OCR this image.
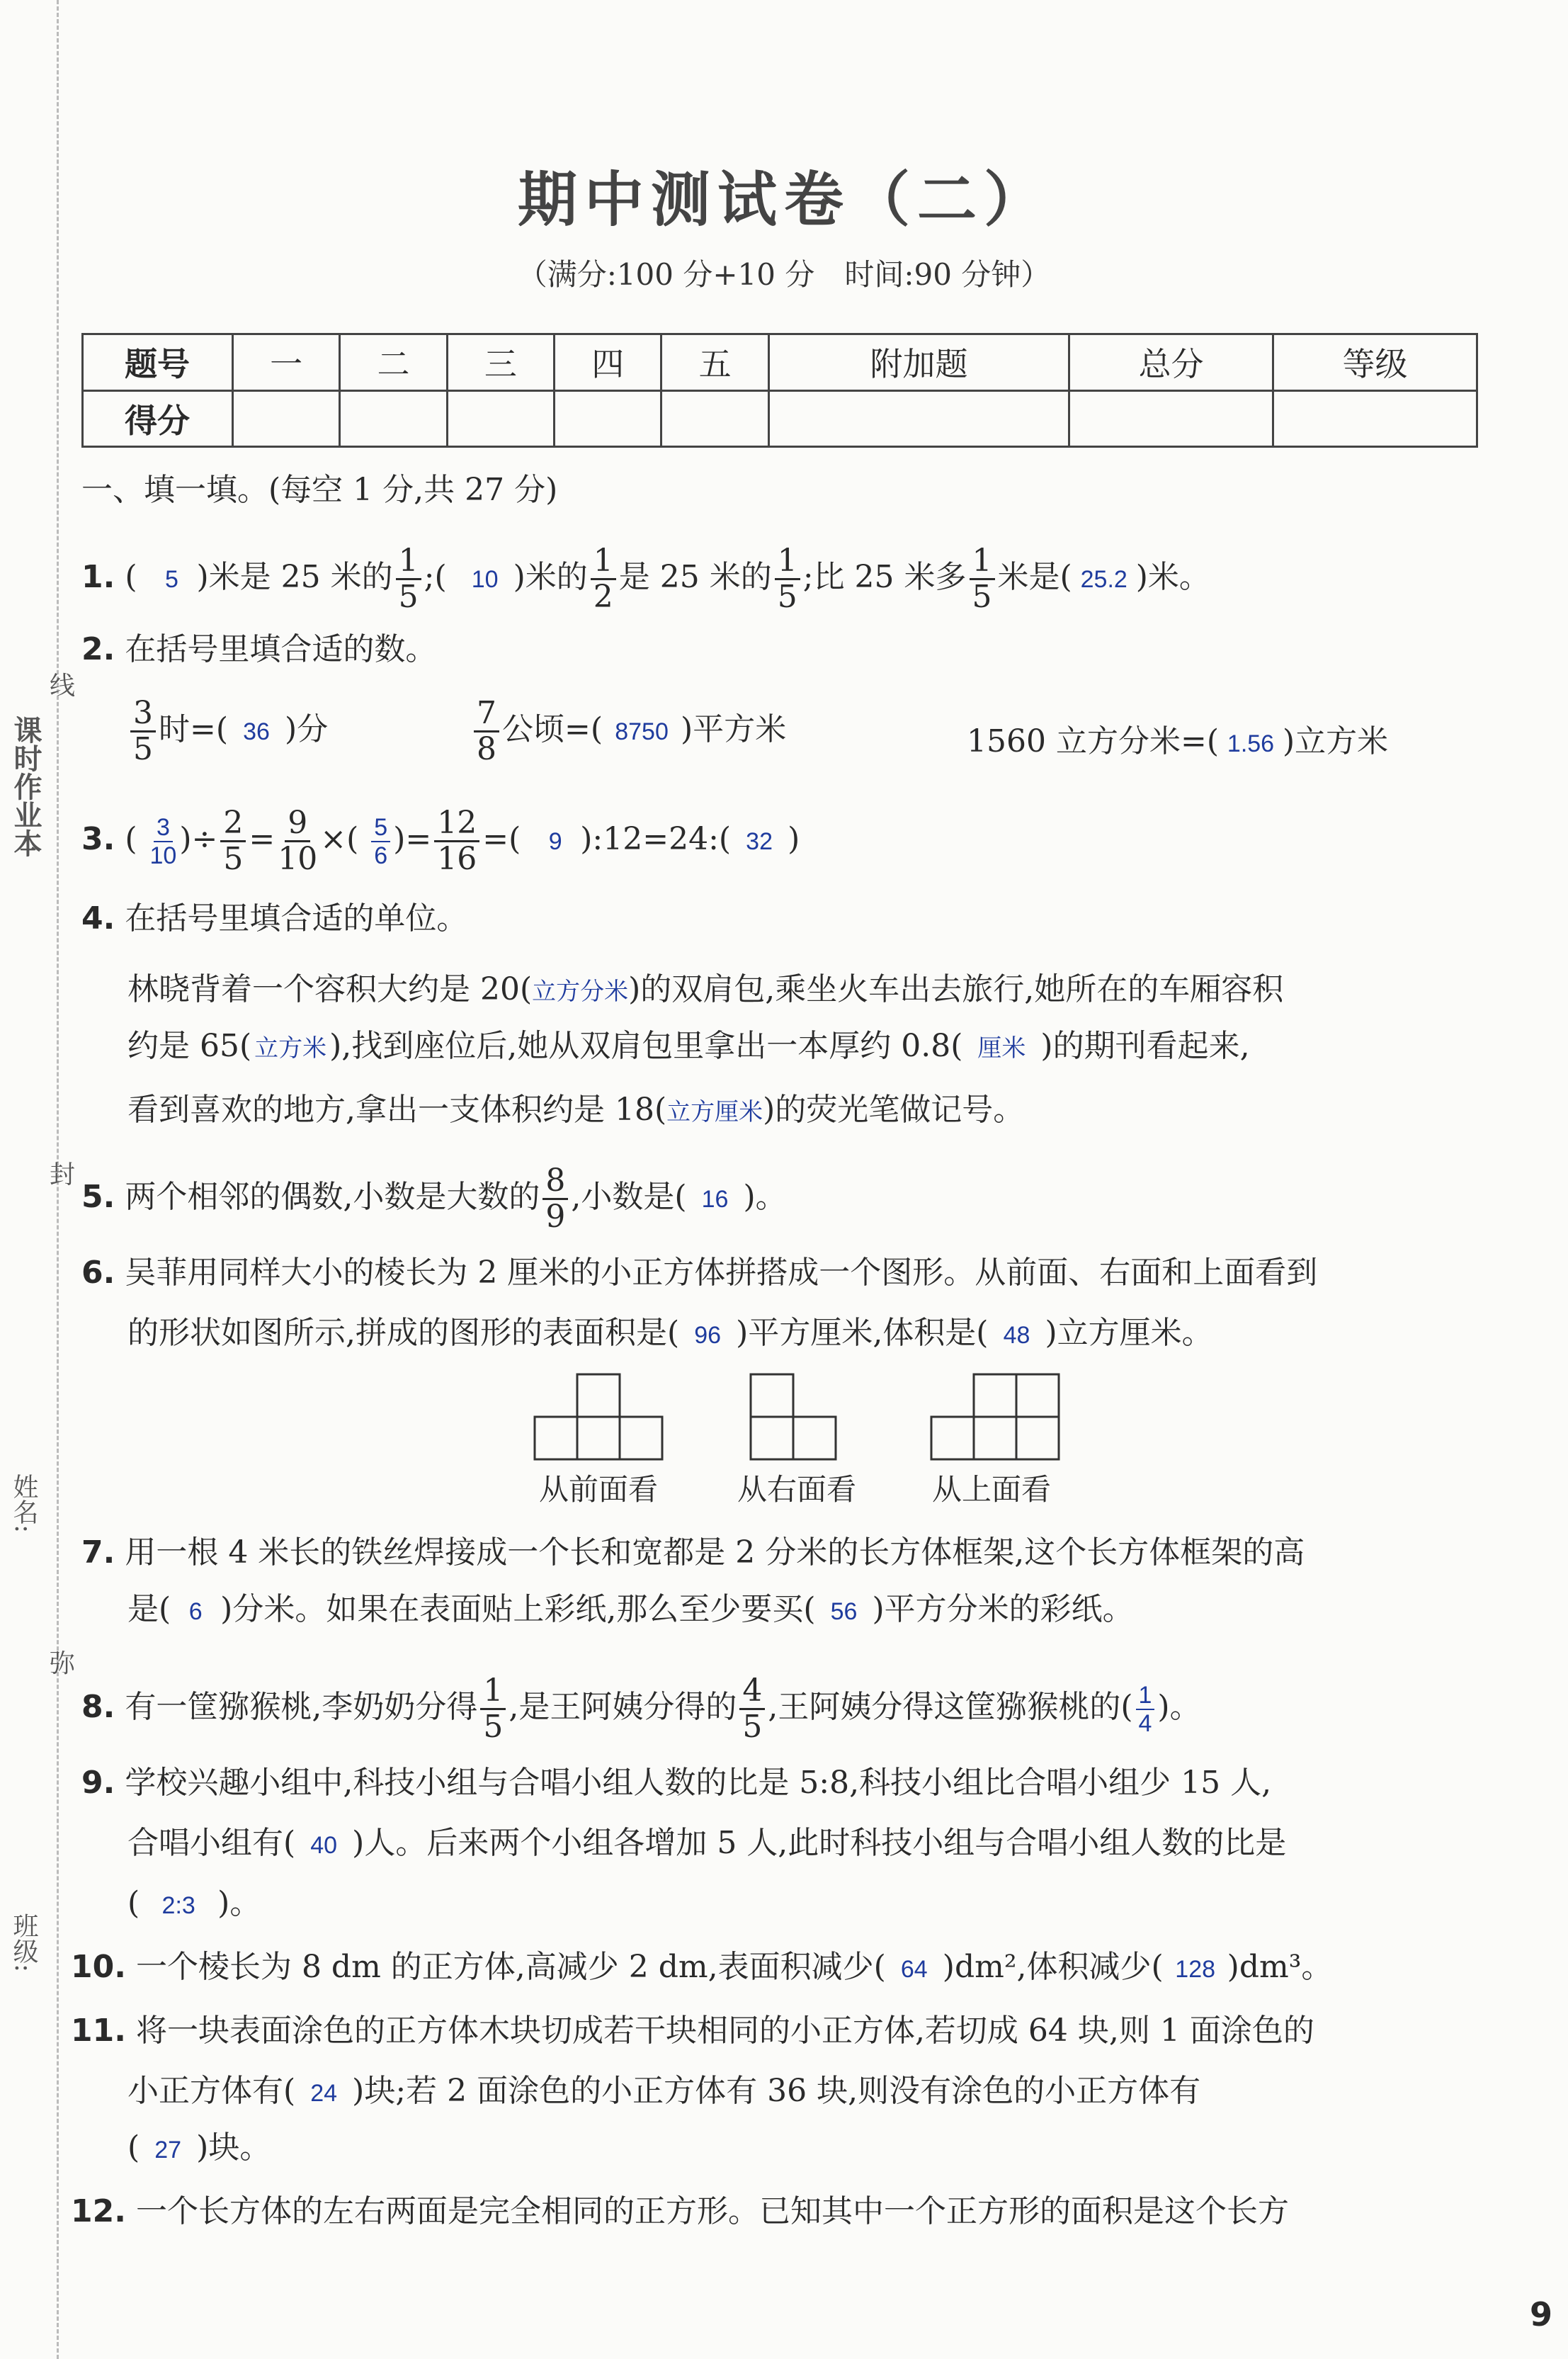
线
封
弥
姓名:
班级:
课时作业本
期中测试卷（二）
（满分:100 分+10 分　时间:90 分钟）
题号	一	二	三	四	五	附加题	总分	等级
得分								
一、填一填。(每空 1 分,共 27 分)
1. ( 5 )米是 25 米的 $\frac{1}{5}$ ;( 10 )米的 $\frac{1}{2}$ 是 25 米的 $\frac{1}{5}$ ;比 25 米多 $\frac{1}{5}$ 米是( 25.2 )米。
2. 在括号里填合适的数。
$\frac{3}{5}$ 时=( 36 )分	$\frac{7}{8}$ 公顷=( 8750 )平方米	1560 立方分米=( 1.56 )立方米
3. ( $\frac{3}{10}$ )÷ $\frac{2}{5} = \frac{9}{10}$ ×( $\frac{5}{6}$ )= $\frac{12}{16}$ =( 9 ):12=24:( 32 )
4. 在括号里填合适的单位。
林晓背着一个容积大约是 20(立方分米)的双肩包,乘坐火车出去旅行,她所在的车厢容积
约是 65( 立方米),找到座位后,她从双肩包里拿出一本厚约 0.8( 厘米 )的期刊看起来,
看到喜欢的地方,拿出一支体积约是 18(立方厘米)的荧光笔做记号。
5. 两个相邻的偶数,小数是大数的 $\frac{8}{9}$ ,小数是( 16 )。
6. 吴菲用同样大小的棱长为 2 厘米的小正方体拼搭成一个图形。从前面、右面和上面看到
的形状如图所示,拼成的图形的表面积是( 96 )平方厘米,体积是( 48 )立方厘米。
从前面看	从右面看	从上面看
7. 用一根 4 米长的铁丝焊接成一个长和宽都是 2 分米的长方体框架,这个长方体框架的高
是( 6 )分米。如果在表面贴上彩纸,那么至少要买( 56 )平方分米的彩纸。
8. 有一筐猕猴桃,李奶奶分得 $\frac{1}{5}$ ,是王阿姨分得的 $\frac{4}{5}$ ,王阿姨分得这筐猕猴桃的( $\frac{1}{4}$ )。
9. 学校兴趣小组中,科技小组与合唱小组人数的比是 5:8,科技小组比合唱小组少 15 人,
合唱小组有( 40 )人。后来两个小组各增加 5 人,此时科技小组与合唱小组人数的比是
( 2:3 )。
10. 一个棱长为 8 dm 的正方体,高减少 2 dm,表面积减少( 64 )dm²,体积减少( 128 )dm³。
11. 将一块表面涂色的正方体木块切成若干块相同的小正方体,若切成 64 块,则 1 面涂色的
小正方体有( 24 )块;若 2 面涂色的小正方体有 36 块,则没有涂色的小正方体有
( 27 )块。
12. 一个长方体的左右两面是完全相同的正方形。已知其中一个正方形的面积是这个长方
9
